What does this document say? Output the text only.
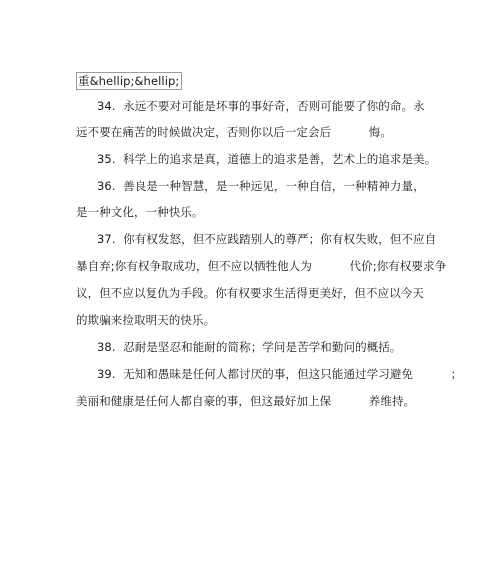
重&hellip;&hellip;
34.  永远不要对可能是坏事的事好奇，否则可能要了你的命。永
远不要在痛苦的时候做决定，否则你以后一定会后          悔。
35.  科学上的追求是真，道德上的追求是善，艺术上的追求是美。
36.  善良是一种智慧，是一种远见，一种自信，一种精神力量，
是一种文化，一种快乐。
37.  你有权发怒，但不应践踏别人的尊严；你有权失败，但不应自
暴自弃;你有权争取成功，但不应以牺牲他人为          代价;你有权要求争
议，但不应以复仇为手段。你有权要求生活得更美好，但不应以今天
的欺骗来捡取明天的快乐。
38.  忍耐是坚忍和能耐的简称；学问是苦学和勤问的概括。
39.  无知和愚昧是任何人都讨厌的事，但这只能通过学习避免          ；
美丽和健康是任何人都自豪的事，但这最好加上保          养维持。
